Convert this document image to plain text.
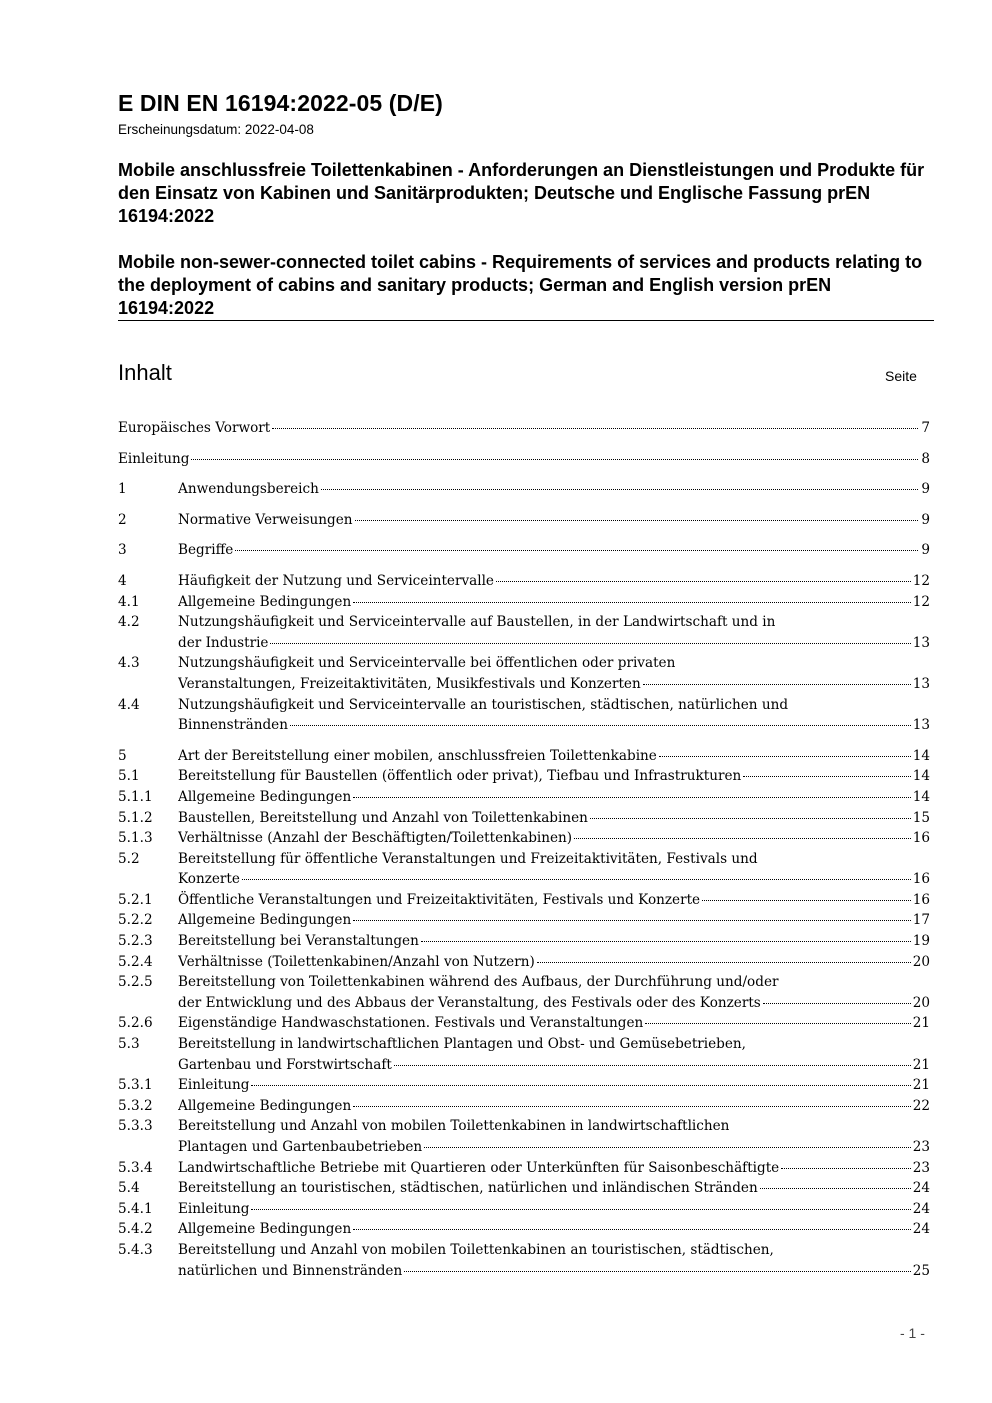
E DIN EN 16194:2022-05 (D/E)
Erscheinungsdatum: 2022-04-08
Mobile anschlussfreie Toilettenkabinen - Anforderungen an Dienstleistungen und Produkte für den Einsatz von Kabinen und Sanitärprodukten; Deutsche und Englische Fassung prEN 16194:2022
Mobile non-sewer-connected toilet cabins - Requirements of services and products relating to the deployment of cabins and sanitary products; German and English version prEN 16194:2022
Inhalt	Seite
Europäisches Vorwort	7
Einleitung	8
1	Anwendungsbereich	9
2	Normative Verweisungen	9
3	Begriffe	9
4	Häufigkeit der Nutzung und Serviceintervalle	12
4.1	Allgemeine Bedingungen	12
4.2	Nutzungshäufigkeit und Serviceintervalle auf Baustellen, in der Landwirtschaft und in
der Industrie	13
4.3	Nutzungshäufigkeit und Serviceintervalle bei öffentlichen oder privaten
Veranstaltungen, Freizeitaktivitäten, Musikfestivals und Konzerten	13
4.4	Nutzungshäufigkeit und Serviceintervalle an touristischen, städtischen, natürlichen und
Binnenstränden	13
5	Art der Bereitstellung einer mobilen, anschlussfreien Toilettenkabine	14
5.1	Bereitstellung für Baustellen (öffentlich oder privat), Tiefbau und Infrastrukturen	14
5.1.1	Allgemeine Bedingungen	14
5.1.2	Baustellen, Bereitstellung und Anzahl von Toilettenkabinen	15
5.1.3	Verhältnisse (Anzahl der Beschäftigten/Toilettenkabinen)	16
5.2	Bereitstellung für öffentliche Veranstaltungen und Freizeitaktivitäten, Festivals und
Konzerte	16
5.2.1	Öffentliche Veranstaltungen und Freizeitaktivitäten, Festivals und Konzerte	16
5.2.2	Allgemeine Bedingungen	17
5.2.3	Bereitstellung bei Veranstaltungen	19
5.2.4	Verhältnisse (Toilettenkabinen/Anzahl von Nutzern)	20
5.2.5	Bereitstellung von Toilettenkabinen während des Aufbaus, der Durchführung und/oder
der Entwicklung und des Abbaus der Veranstaltung, des Festivals oder des Konzerts	20
5.2.6	Eigenständige Handwaschstationen. Festivals und Veranstaltungen	21
5.3	Bereitstellung in landwirtschaftlichen Plantagen und Obst- und Gemüsebetrieben,
Gartenbau und Forstwirtschaft	21
5.3.1	Einleitung	21
5.3.2	Allgemeine Bedingungen	22
5.3.3	Bereitstellung und Anzahl von mobilen Toilettenkabinen in landwirtschaftlichen
Plantagen und Gartenbaubetrieben	23
5.3.4	Landwirtschaftliche Betriebe mit Quartieren oder Unterkünften für Saisonbeschäftigte	23
5.4	Bereitstellung an touristischen, städtischen, natürlichen und inländischen Stränden	24
5.4.1	Einleitung	24
5.4.2	Allgemeine Bedingungen	24
5.4.3	Bereitstellung und Anzahl von mobilen Toilettenkabinen an touristischen, städtischen,
natürlichen und Binnenstränden	25
- 1 -
